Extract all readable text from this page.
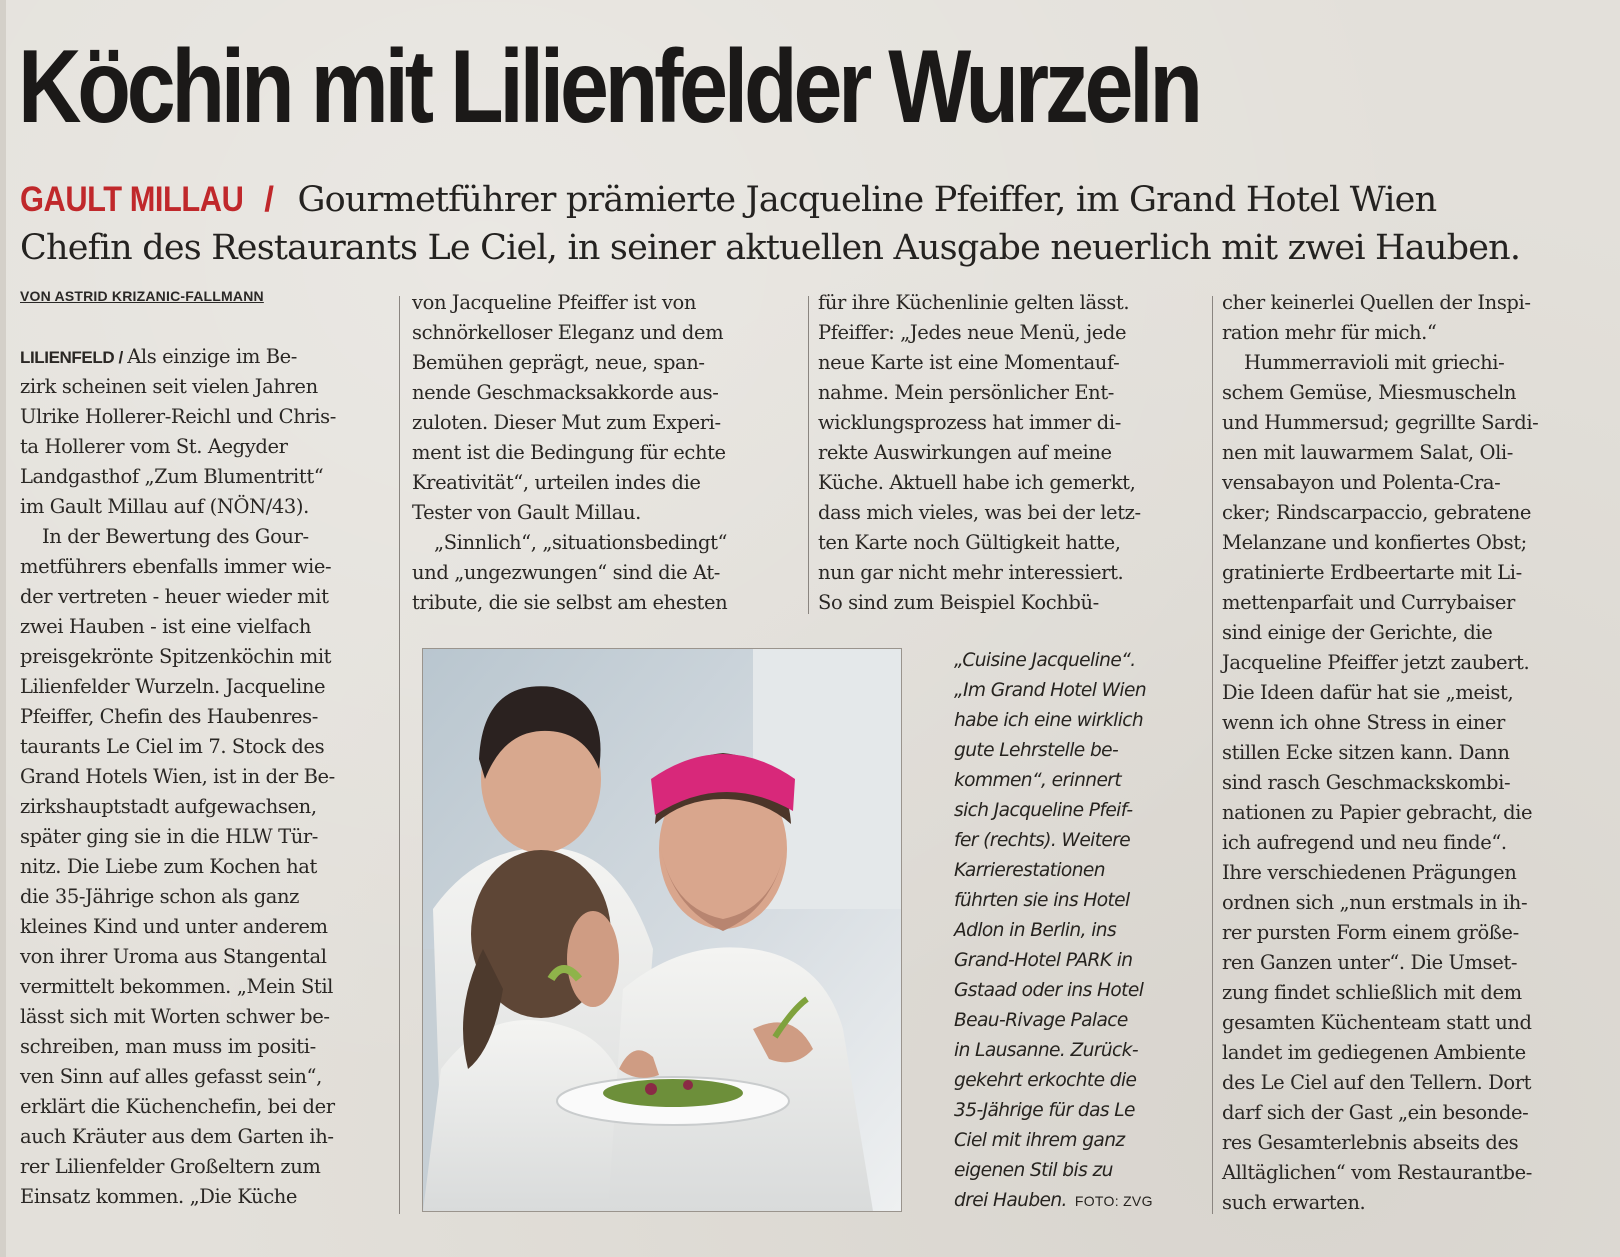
Köchin mit Lilienfelder Wurzeln
GAULT MILLAU / Gourmetführer prämierte Jacqueline Pfeiffer, im Grand Hotel Wien
Chefin des Restaurants Le Ciel, in seiner aktuellen Ausgabe neuerlich mit zwei Hauben.
VON ASTRID KRIZANIC-FALLMANN
LILIENFELD / Als einzige im Be-
zirk scheinen seit vielen Jahren
Ulrike Hollerer-Reichl und Chris-
ta Hollerer vom St. Aegyder
Landgasthof „Zum Blumentritt“
im Gault Millau auf (NÖN/43).
In der Bewertung des Gour-
metführers ebenfalls immer wie-
der vertreten - heuer wieder mit
zwei Hauben - ist eine vielfach
preisgekrönte Spitzenköchin mit
Lilienfelder Wurzeln. Jacqueline
Pfeiffer, Chefin des Haubenres-
taurants Le Ciel im 7. Stock des
Grand Hotels Wien, ist in der Be-
zirkshauptstadt aufgewachsen,
später ging sie in die HLW Tür-
nitz. Die Liebe zum Kochen hat
die 35-Jährige schon als ganz
kleines Kind und unter anderem
von ihrer Uroma aus Stangental
vermittelt bekommen. „Mein Stil
lässt sich mit Worten schwer be-
schreiben, man muss im positi-
ven Sinn auf alles gefasst sein“,
erklärt die Küchenchefin, bei der
auch Kräuter aus dem Garten ih-
rer Lilienfelder Großeltern zum
Einsatz kommen. „Die Küche
von Jacqueline Pfeiffer ist von
schnörkelloser Eleganz und dem
Bemühen geprägt, neue, span-
nende Geschmacksakkorde aus-
zuloten. Dieser Mut zum Experi-
ment ist die Bedingung für echte
Kreativität“, urteilen indes die
Tester von Gault Millau.
„Sinnlich“, „situationsbedingt“
und „ungezwungen“ sind die At-
tribute, die sie selbst am ehesten
für ihre Küchenlinie gelten lässt.
Pfeiffer: „Jedes neue Menü, jede
neue Karte ist eine Momentauf-
nahme. Mein persönlicher Ent-
wicklungsprozess hat immer di-
rekte Auswirkungen auf meine
Küche. Aktuell habe ich gemerkt,
dass mich vieles, was bei der letz-
ten Karte noch Gültigkeit hatte,
nun gar nicht mehr interessiert.
So sind zum Beispiel Kochbü-
cher keinerlei Quellen der Inspi-
ration mehr für mich.“
Hummerravioli mit griechi-
schem Gemüse, Miesmuscheln
und Hummersud; gegrillte Sardi-
nen mit lauwarmem Salat, Oli-
vensabayon und Polenta-Cra-
cker; Rindscarpaccio, gebratene
Melanzane und konfiertes Obst;
gratinierte Erdbeertarte mit Li-
mettenparfait und Currybaiser
sind einige der Gerichte, die
Jacqueline Pfeiffer jetzt zaubert.
Die Ideen dafür hat sie „meist,
wenn ich ohne Stress in einer
stillen Ecke sitzen kann. Dann
sind rasch Geschmackskombi-
nationen zu Papier gebracht, die
ich aufregend und neu finde“.
Ihre verschiedenen Prägungen
ordnen sich „nun erstmals in ih-
rer pursten Form einem größe-
ren Ganzen unter“. Die Umset-
zung findet schließlich mit dem
gesamten Küchenteam statt und
landet im gediegenen Ambiente
des Le Ciel auf den Tellern. Dort
darf sich der Gast „ein besonde-
res Gesamterlebnis abseits des
Alltäglichen“ vom Restaurantbe-
such erwarten.
„Cuisine Jacqueline“.
„Im Grand Hotel Wien
habe ich eine wirklich
gute Lehrstelle be-
kommen“, erinnert
sich Jacqueline Pfeif-
fer (rechts). Weitere
Karrierestationen
führten sie ins Hotel
Adlon in Berlin, ins
Grand-Hotel PARK in
Gstaad oder ins Hotel
Beau-Rivage Palace
in Lausanne. Zurück-
gekehrt erkochte die
35-Jährige für das Le
Ciel mit ihrem ganz
eigenen Stil bis zu
drei Hauben. FOTO: ZVG
